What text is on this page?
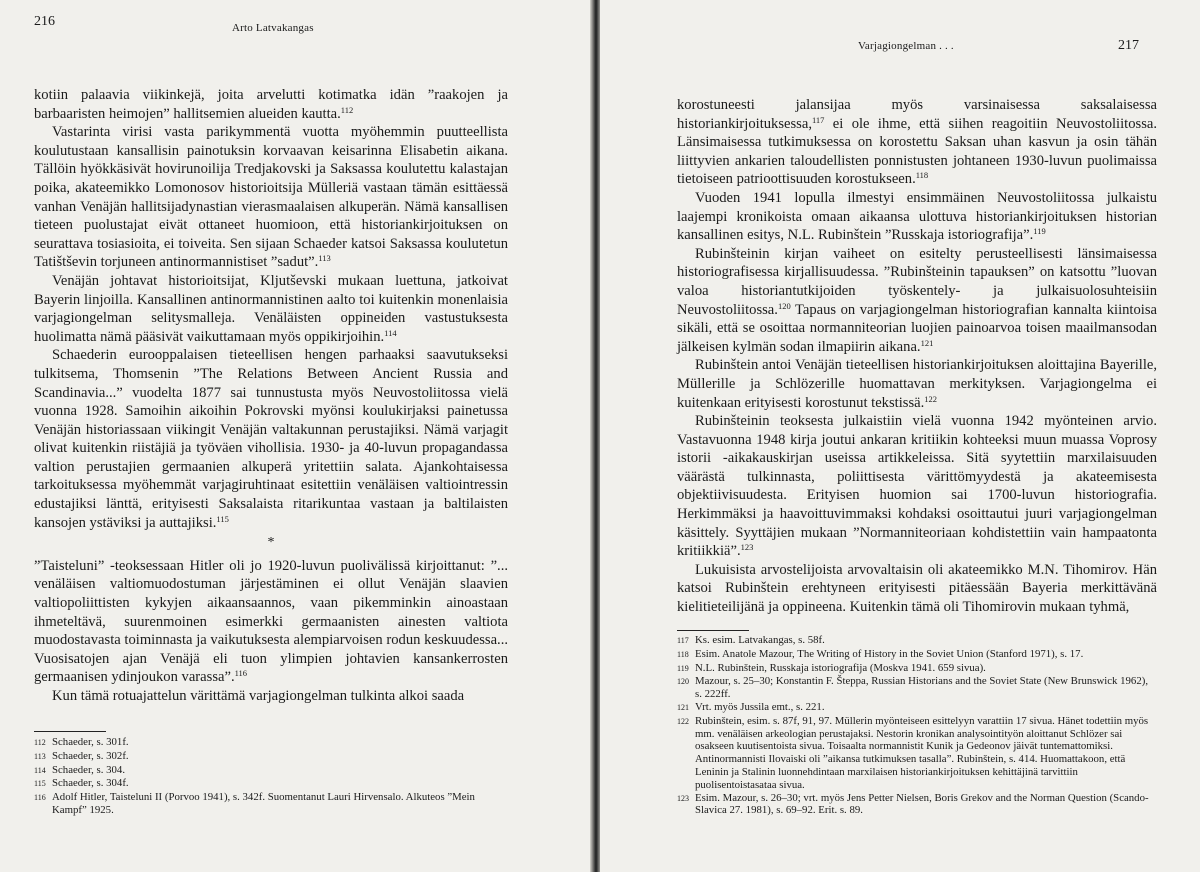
216	Arto Latvakangas

kotiin palaavia viikinkejä, joita arvelutti kotimatka idän ”raakojen ja barbaaristen heimojen” hallitsemien alueiden kautta.$^{112}$

Vastarinta virisi vasta parikymmentä vuotta myöhemmin puutteellista koulutustaan kansallisin painotuksin korvaavan keisarinna Elisabetin aikana. Tällöin hyökkäsivät hovirunoilija Tredjakovski ja Saksassa koulutettu kalastajan poika, akateemikko Lomonosov historioitsija Mülleriä vastaan tämän esittäessä vanhan Venäjän hallitsijadynastian vierasmaalaisen alkuperän. Nämä kansallisen tieteen puolustajat eivät ottaneet huomioon, että historiankirjoituksen on seurattava tosiasioita, ei toiveita. Sen sijaan Schaeder katsoi Saksassa koulutetun Tatištševin torjuneen antinormannistiset ”sadut”.$^{113}$

Venäjän johtavat historioitsijat, Kljutševski mukaan luettuna, jatkoivat Bayerin linjoilla. Kansallinen antinormannistinen aalto toi kuitenkin monenlaisia varjagiongelman selitysmalleja. Venäläisten oppineiden vastustuksesta huolimatta nämä pääsivät vaikuttamaan myös oppikirjoihin.$^{114}$

Schaederin eurooppalaisen tieteellisen hengen parhaaksi saavutukseksi tulkitsema, Thomsenin ”The Relations Between Ancient Russia and Scandinavia...” vuodelta 1877 sai tunnustusta myös Neuvostoliitossa vielä vuonna 1928. Samoihin aikoihin Pokrovski myönsi koulukirjaksi painetussa Venäjän historiassaan viikingit Venäjän valtakunnan perustajiksi. Nämä varjagit olivat kuitenkin riistäjiä ja työväen vihollisia. 1930- ja 40-luvun propagandassa valtion perustajien germaanien alkuperä yritettiin salata. Ajankohtaisessa tarkoituksessa myöhemmät varjagiruhtinaat esitettiin venäläisen valtiointressin edustajiksi länttä, erityisesti Saksalaista ritarikuntaa vastaan ja baltilaisten kansojen ystäviksi ja auttajiksi.$^{115}$

*

”Taisteluni” -teoksessaan Hitler oli jo 1920-luvun puolivälissä kirjoittanut: ”... venäläisen valtiomuodostuman järjestäminen ei ollut Venäjän slaavien valtiopoliittisten kykyjen aikaansaannos, vaan pikemminkin ainoastaan ihmeteltävä, suurenmoinen esimerkki germaanisten ainesten valtiota muodostavasta toiminnasta ja vaikutuksesta alempiarvoisen rodun keskuudessa... Vuosisatojen ajan Venäjä eli tuon ylimpien johtavien kansankerrosten germaanisen ydinjoukon varassa”.$^{116}$

Kun tämä rotuajattelun värittämä varjagiongelman tulkinta alkoi saada

112 Schaeder, s. 301f.
113 Schaeder, s. 302f.
114 Schaeder, s. 304.
115 Schaeder, s. 304f.
116 Adolf Hitler, Taisteluni II (Porvoo 1941), s. 342f. Suomentanut Lauri Hirvensalo. Alkuteos ”Mein Kampf” 1925.
Varjagiongelman . . .	217

korostuneesti jalansijaa myös varsinaisessa saksalaisessa historiankirjoituksessa,$^{117}$ ei ole ihme, että siihen reagoitiin Neuvostoliitossa. Länsimaisessa tutkimuksessa on korostettu Saksan uhan kasvun ja osin tähän liittyvien ankarien taloudellisten ponnistusten johtaneen 1930-luvun puolimaissa tietoiseen patrioottisuuden korostukseen.$^{118}$

Vuoden 1941 lopulla ilmestyi ensimmäinen Neuvostoliitossa julkaistu laajempi kronikoista omaan aikaansa ulottuva historiankirjoituksen historian kansallinen esitys, N.L. Rubinštein ”Russkaja istoriografija”.$^{119}$

Rubinšteinin kirjan vaiheet on esitelty perusteellisesti länsimaisessa historiografisessa kirjallisuudessa. ”Rubinšteinin tapauksen” on katsottu ”luovan valoa historiantutkijoiden työskentely- ja julkaisuolosuhteisiin Neuvostoliitossa.$^{120}$ Tapaus on varjagiongelman historiografian kannalta kiintoisa sikäli, että se osoittaa normanniteorian luojien painoarvoa toisen maailmansodan jälkeisen kylmän sodan ilmapiirin aikana.$^{121}$

Rubinštein antoi Venäjän tieteellisen historiankirjoituksen aloittajina Bayerille, Müllerille ja Schlözerille huomattavan merkityksen. Varjagiongelma ei kuitenkaan erityisesti korostunut tekstissä.$^{122}$

Rubinšteinin teoksesta julkaistiin vielä vuonna 1942 myönteinen arvio. Vastavuonna 1948 kirja joutui ankaran kritiikin kohteeksi muun muassa Voprosy istorii -aikakauskirjan useissa artikkeleissa. Sitä syytettiin marxilaisuuden väärästä tulkinnasta, poliittisesta värittömyydestä ja akateemisesta objektiivisuudesta. Erityisen huomion sai 1700-luvun historiografia. Herkimmäksi ja haavoittuvimmaksi kohdaksi osoittautui juuri varjagiongelman käsittely. Syyttäjien mukaan ”Normanniteoriaan kohdistettiin vain hampaatonta kritiikkiä”.$^{123}$

Lukuisista arvostelijoista arvovaltaisin oli akateemikko M.N. Tihomirov. Hän katsoi Rubinštein erehtyneen erityisesti pitäessään Bayeria merkittävänä kielitieteilijänä ja oppineena. Kuitenkin tämä oli Tihomirovin mukaan tyhmä,

117 Ks. esim. Latvakangas, s. 58f.
118 Esim. Anatole Mazour, The Writing of History in the Soviet Union (Stanford 1971), s. 17.
119 N.L. Rubinštein, Russkaja istoriografija (Moskva 1941. 659 sivua).
120 Mazour, s. 25–30; Konstantin F. Šteppa, Russian Historians and the Soviet State (New Brunswick 1962), s. 222ff.
121 Vrt. myös Jussila emt., s. 221.
122 Rubinštein, esim. s. 87f, 91, 97. Müllerin myönteiseen esittelyyn varattiin 17 sivua. Hänet todettiin myös mm. venäläisen arkeologian perustajaksi. Nestorin kronikan analysointityön aloittanut Schlözer sai osakseen kuutisentoista sivua. Toisaalta normannistit Kunik ja Gedeonov jäivät tuntemattomiksi. Antinormannisti Ilovaiski oli ”aikansa tutkimuksen tasalla”. Rubinštein, s. 414. Huomattakoon, että Leninin ja Stalinin luonnehdintaan marxilaisen historiankirjoituksen kehittäjinä tarvittiin puolisentoistasataa sivua.
123 Esim. Mazour, s. 26–30; vrt. myös Jens Petter Nielsen, Boris Grekov and the Norman Question (Scando-Slavica 27. 1981), s. 69–92. Erit. s. 89.
